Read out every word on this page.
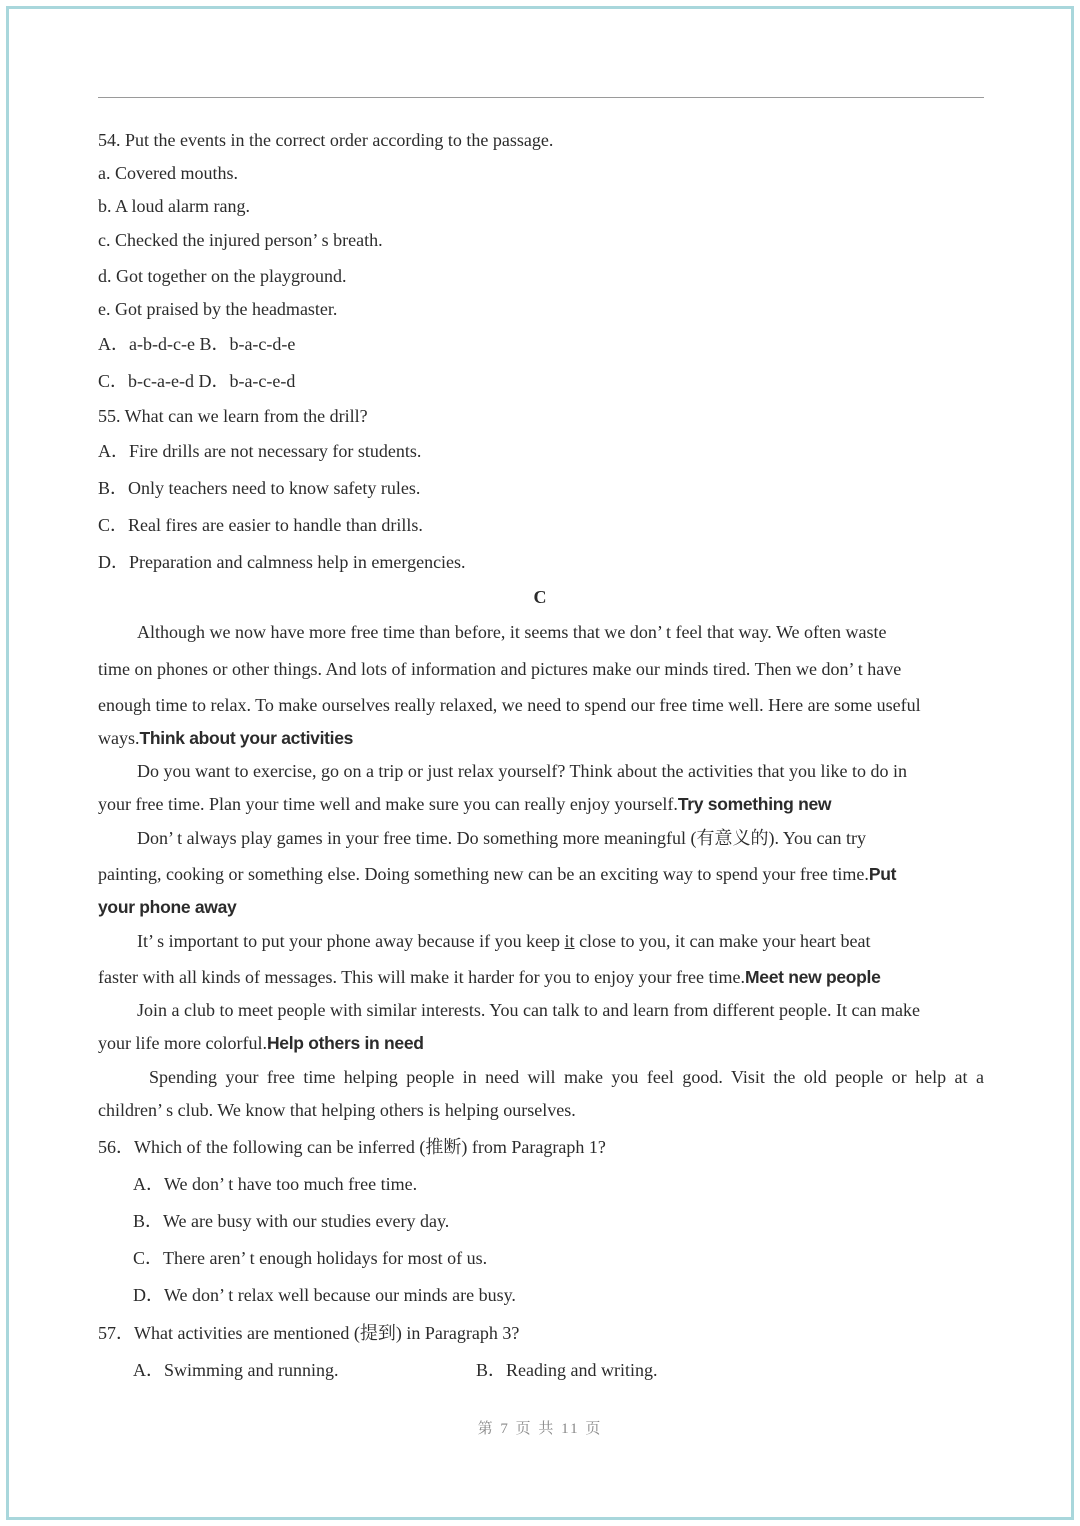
54. Put the events in the correct order according to the passage.
a. Covered mouths.
b. A loud alarm rang.
c. Checked the injured person’ s breath.
d. Got together on the playground.
e. Got praised by the headmaster.
A．a-b-d-c-e B．b-a-c-d-e
C．b-c-a-e-d D．b-a-c-e-d
55. What can we learn from the drill?
A．Fire drills are not necessary for students.
B．Only teachers need to know safety rules.
C．Real fires are easier to handle than drills.
D．Preparation and calmness help in emergencies.
C
Although we now have more free time than before, it seems that we don’ t feel that way. We often waste
time on phones or other things. And lots of information and pictures make our minds tired. Then we don’ t have
enough time to relax. To make ourselves really relaxed, we need to spend our free time well. Here are some useful
ways.Think about your activities
Do you want to exercise, go on a trip or just relax yourself? Think about the activities that you like to do in
your free time. Plan your time well and make sure you can really enjoy yourself.Try something new
Don’ t always play games in your free time. Do something more meaningful (有意义的). You can try
painting, cooking or something else. Doing something new can be an exciting way to spend your free time.Put
your phone away
It’ s important to put your phone away because if you keep it close to you, it can make your heart beat
faster with all kinds of messages. This will make it harder for you to enjoy your free time.Meet new people
Join a club to meet people with similar interests. You can talk to and learn from different people. It can make
your life more colorful.Help others in need
Spending your free time helping people in need will make you feel good. Visit the old people or help at a
children’ s club. We know that helping others is helping ourselves.
56．Which of the following can be inferred (推断) from Paragraph 1?
A．We don’ t have too much free time.
B．We are busy with our studies every day.
C．There aren’ t enough holidays for most of us.
D．We don’ t relax well because our minds are busy.
57．What activities are mentioned (提到) in Paragraph 3?
A．Swimming and running.	B．Reading and writing.
第 7 页 共 11 页
